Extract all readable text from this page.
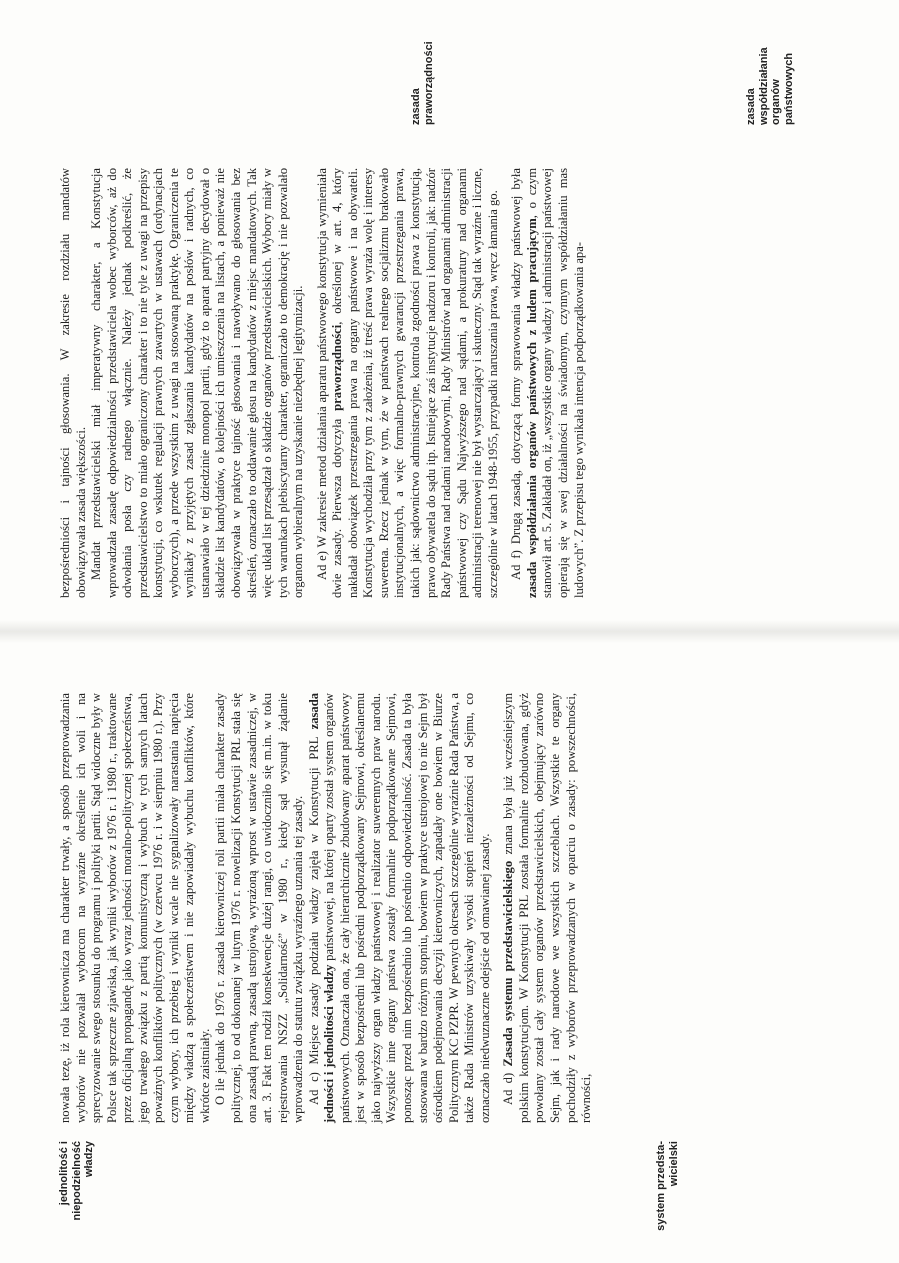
jednolitość i niepodzielność władzy	system przedsta-wicielski

nowała tezę, iż rola kierownicza ma charakter trwały, a sposób przeprowadzania wyborów nie pozwalał wyborcom na wyraźne określenie ich woli i na sprecyzowanie swego stosunku do programu i polityki partii. Stąd widoczne były w Polsce tak sprzeczne zjawiska, jak wyniki wyborów z 1976 r. i 1980 r., traktowane przez oficjalną propagandę jako wyraz jedności moralno-politycznej społeczeństwa, jego trwałego związku z partią komunistyczną i wybuch w tych samych latach poważnych konfliktów politycznych (w czerwcu 1976 r. i w sierpniu 1980 r.). Przy czym wybory, ich przebieg i wyniki wcale nie sygnalizowały narastania napięcia między władzą a społeczeństwem i nie zapowiadały wybuchu konfliktów, które wkrótce zaistniały. O ile jednak do 1976 r. zasada kierowniczej roli partii miała charakter zasady politycznej, to od dokonanej w lutym 1976 r. nowelizacji Konstytucji PRL stała się ona zasadą prawną, zasadą ustrojową, wyrażoną wprost w ustawie zasadniczej, w art. 3. Fakt ten rodził konsekwencje dużej rangi, co uwidoczniło się m.in. w toku rejestrowania NSZZ „Solidarność” w 1980 r., kiedy sąd wysunął żądanie wprowadzenia do statutu związku wyraźnego uznania tej zasady. Ad c) Miejsce zasady podziału władzy zajęła w Konstytucji PRL zasada jedności i jednolitości władzy państwowej, na której oparty został system organów państwowych. Oznaczała ona, że cały hierarchicznie zbudowany aparat państwowy jest w sposób bezpośredni lub pośredni podporządkowany Sejmowi, określanemu jako najwyższy organ władzy państwowej i realizator suwerennych praw narodu. Wszystkie inne organy państwa zostały formalnie podporządkowane Sejmowi, ponosząc przed nim bezpośrednio lub pośrednio odpowiedzialność. Zasada ta była stosowana w bardzo różnym stopniu, bowiem w praktyce ustrojowej to nie Sejm był ośrodkiem podejmowania decyzji kierowniczych, zapadały one bowiem w Biurze Politycznym KC PZPR. W pewnych okresach szczególnie wyraźnie Rada Państwa, a także Rada Ministrów uzyskiwały wysoki stopień niezależności od Sejmu, co oznaczało niedwuznaczne odejście od omawianej zasady. Ad d) Zasada systemu przedstawicielskiego znana była już wcześniejszym polskim konstytucjom. W Konstytucji PRL została formalnie rozbudowana, gdyż powołany został cały system organów przedstawicielskich, obejmujący zarówno Sejm, jak i rady narodowe we wszystkich szczeblach. Wszystkie te organy pochodziły z wyborów przeprowadzanych w oparciu o zasady: powszechności, równości,

zasada praworządności	zasada współdziałania organów państwowych

bezpośredniości i tajności głosowania. W zakresie rozdziału mandatów obowiązywała zasada większości. Mandat przedstawicielski miał imperatywny charakter, a Konstytucja wprowadzała zasadę odpowiedzialności przedstawiciela wobec wyborców, aż do odwołania posła czy radnego włącznie. Należy jednak podkreślić, że przedstawicielstwo to miało ograniczony charakter i to nie tyle z uwagi na przepisy konstytucji, co wskutek regulacji prawnych zawartych w ustawach (ordynacjach wyborczych), a przede wszystkim z uwagi na stosowaną praktykę. Ograniczenia te wynikały z przyjętych zasad zgłaszania kandydatów na posłów i radnych, co ustanawiało w tej dziedzinie monopol partii, gdyż to aparat partyjny decydował o składzie list kandydatów, o kolejności ich umieszczenia na listach, a ponieważ nie obowiązywała w praktyce tajność głosowania i nawoływano do głosowania bez skreśleń, oznaczało to oddawanie głosu na kandydatów z miejsc mandatowych. Tak więc układ list przesądzał o składzie organów przedstawicielskich. Wybory miały w tych warunkach plebiscytarny charakter, ograniczało to demokrację i nie pozwalało organom wybieralnym na uzyskanie niezbędnej legitymizacji. Ad e) W zakresie metod działania aparatu państwowego konstytucja wymieniała dwie zasady. Pierwsza dotyczyła praworządności, określonej w art. 4, który nakładał obowiązek przestrzegania prawa na organy państwowe i na obywateli. Konstytucja wychodziła przy tym z założenia, iż treść prawa wyraża wolę i interesy suwerena. Rzecz jednak w tym, że w państwach realnego socjalizmu brakowało instytucjonalnych, a więc formalno-prawnych gwarancji przestrzegania prawa, takich jak: sądownictwo administracyjne, kontrola zgodności prawa z konstytucją, prawo obywatela do sądu itp. Istniejące zaś instytucje nadzoru i kontroli, jak: nadzór Rady Państwa nad radami narodowymi, Rady Ministrów nad organami administracji państwowej czy Sądu Najwyższego nad sądami, a prokuratury nad organami administracji terenowej nie był wystarczający i skuteczny. Stąd tak wyraźne i liczne, szczególnie w latach 1948-1955, przypadki naruszania prawa, wręcz łamania go. Ad f) Drugą zasadą, dotyczącą formy sprawowania władzy państwowej była zasada współdziałania organów państwowych z ludem pracującym, o czym stanowił art. 5. Zakładał on, iż „wszystkie organy władzy i administracji państwowej opierają się w swej działalności na świadomym, czynnym współdziałaniu mas ludowych”. Z przepisu tego wynikała intencja podporządkowania apa-
